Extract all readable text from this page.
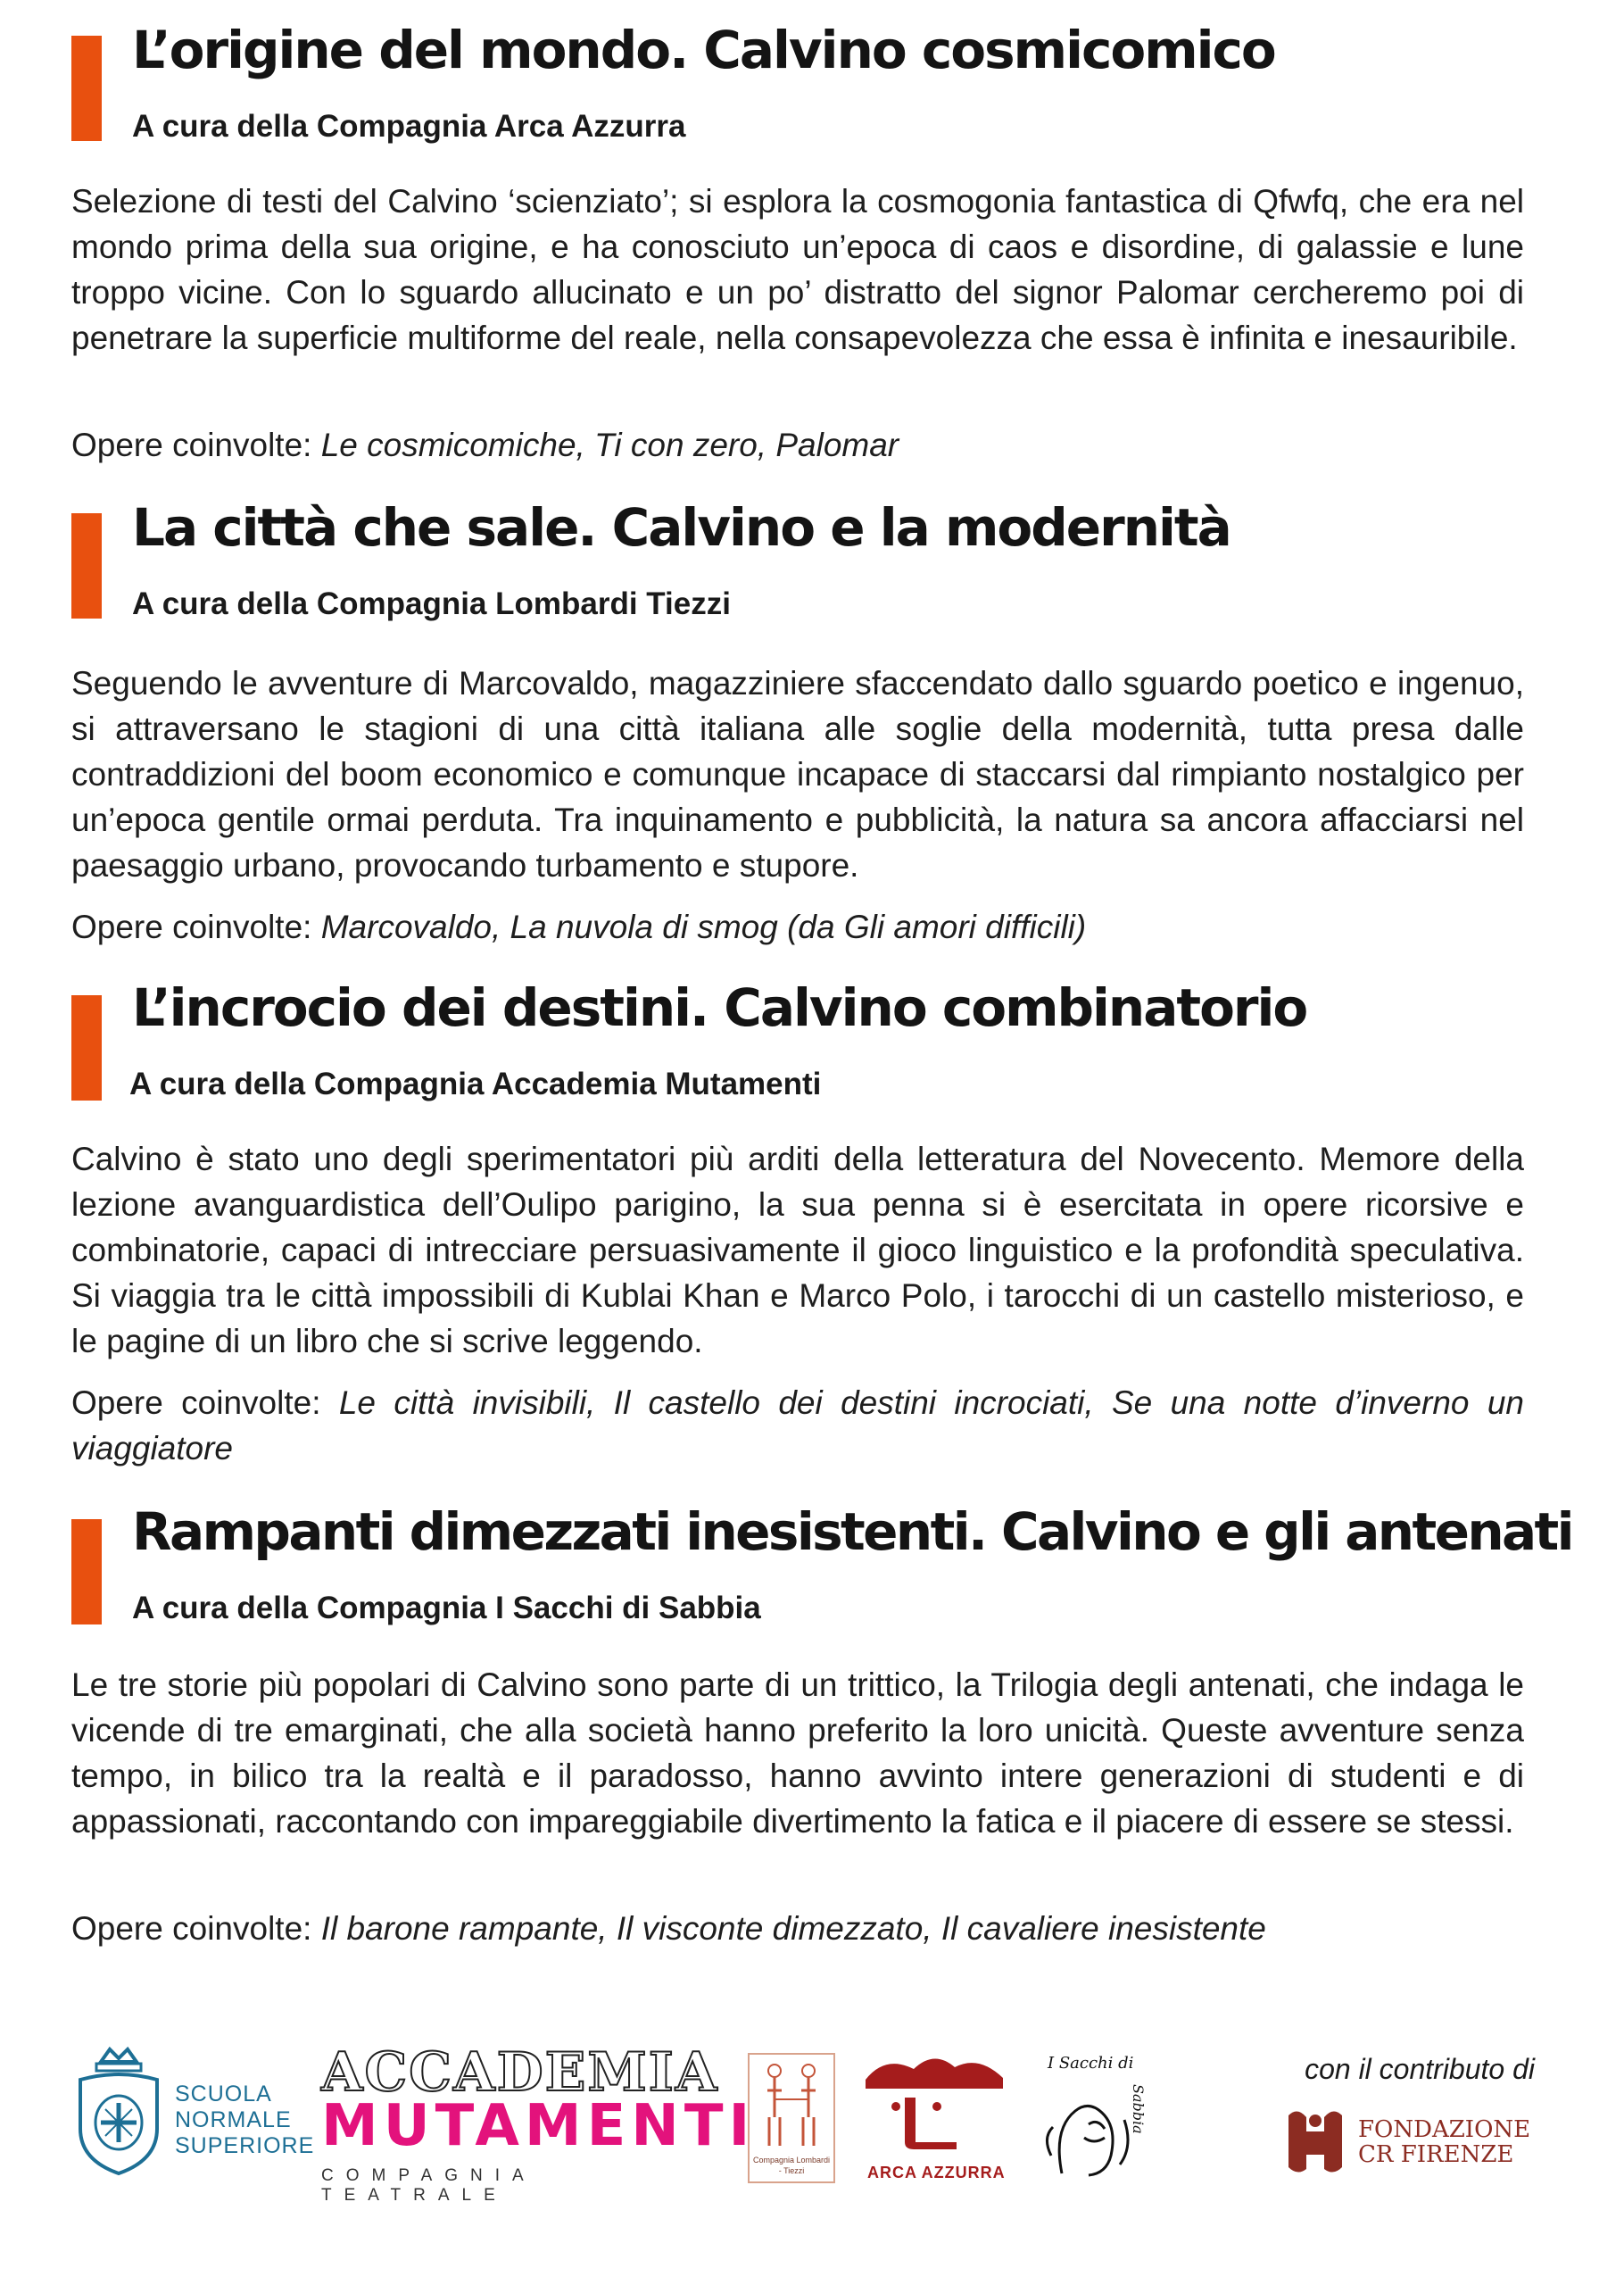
L’origine del mondo. Calvino cosmicomico
A cura della Compagnia Arca Azzurra

Selezione di testi del Calvino ‘scienziato’; si esplora la cosmogonia fantastica di Qfwfq, che era nel mondo prima della sua origine, e ha conosciuto un’epoca di caos e disordine, di galassie e lune troppo vicine. Con lo sguardo allucinato e un po’ distratto del signor Palomar cercheremo poi di penetrare la superficie multiforme del reale, nella consapevolezza che essa è infinita e inesauribile.

Opere coinvolte: Le cosmicomiche, Ti con zero, Palomar

La città che sale. Calvino e la modernità
A cura della Compagnia Lombardi Tiezzi

Seguendo le avventure di Marcovaldo, magazziniere sfaccendato dallo sguardo poetico e ingenuo, si attraversano le stagioni di una città italiana alle soglie della modernità, tutta presa dalle contraddizioni del boom economico e comunque incapace di staccarsi dal rimpianto nostalgico per un’epoca gentile ormai perduta. Tra inquinamento e pubblicità, la natura sa ancora affacciarsi nel paesaggio urbano, provocando turbamento e stupore.

Opere coinvolte: Marcovaldo, La nuvola di smog (da Gli amori difficili)

L’incrocio dei destini. Calvino combinatorio
A cura della Compagnia Accademia Mutamenti

Calvino è stato uno degli sperimentatori più arditi della letteratura del Novecento. Memore della lezione avanguardistica dell’Oulipo parigino, la sua penna si è esercitata in opere ricorsive e combinatorie, capaci di intrecciare persuasivamente il gioco linguistico e la profondità speculativa. Si viaggia tra le città impossibili di Kublai Khan e Marco Polo, i tarocchi di un castello misterioso, e le pagine di un libro che si scrive leggendo.

Opere coinvolte: Le città invisibili, Il castello dei destini incrociati, Se una notte d’inverno un viaggiatore

Rampanti dimezzati inesistenti. Calvino e gli antenati
A cura della Compagnia I Sacchi di Sabbia

Le tre storie più popolari di Calvino sono parte di un trittico, la Trilogia degli antenati, che indaga le vicende di tre emarginati, che alla società hanno preferito la loro unicità. Queste avventure senza tempo, in bilico tra la realtà e il paradosso, hanno avvinto intere generazioni di studenti e di appassionati, raccontando con impareggiabile divertimento la fatica e il piacere di essere se stessi.

Opere coinvolte: Il barone rampante, Il visconte dimezzato, Il cavaliere inesistente

SCUOLA
NORMALE
SUPERIORE
ACCADEMIA
MUTAMENTI
COMPAGNIA TEATRALE
Compagnia Lombardi - Tiezzi	ARCA AZZURRA
I Sacchi di
Sabbia
con il contributo di
FONDAZIONE
CR FIRENZE
